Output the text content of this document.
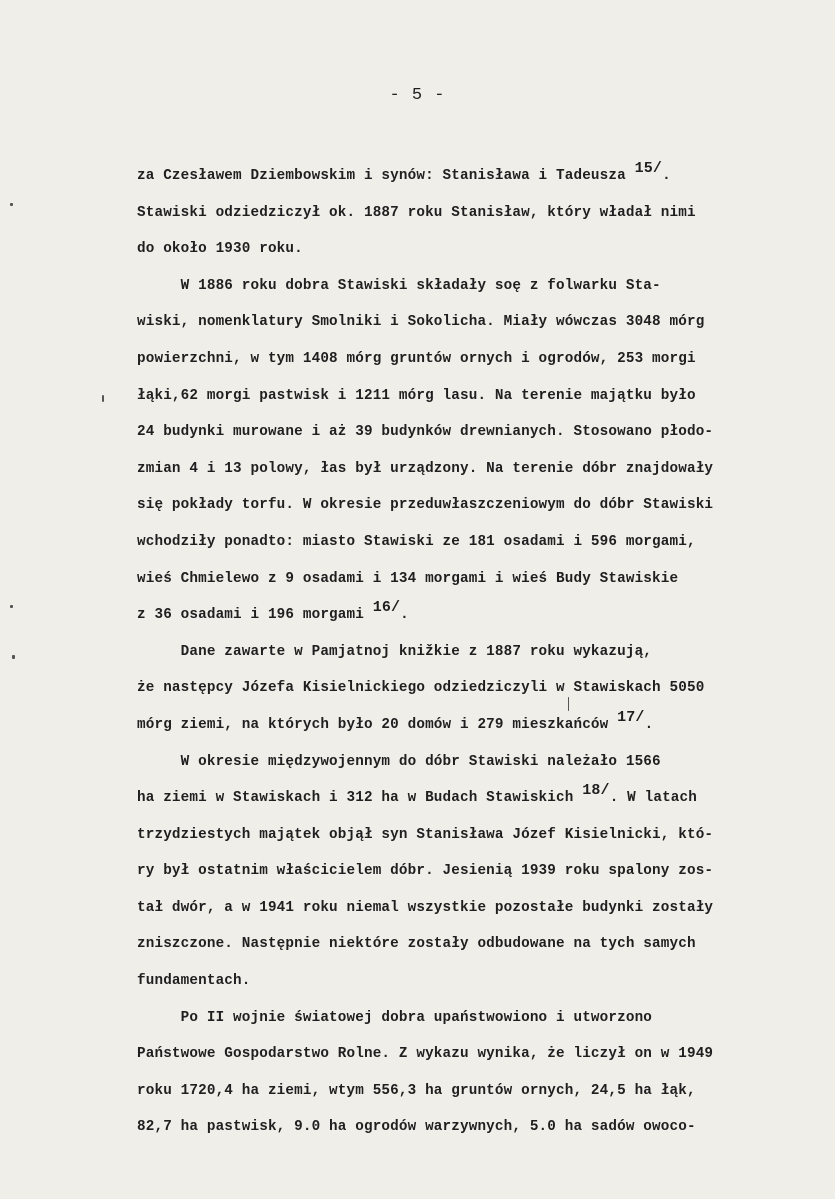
- 5 -
za Czesławem Dziembowskim i synów: Stanisława i Tadeusza $^{15/}$.
Stawiski odziedziczył ok. 1887 roku Stanisław, który władał nimi
do około 1930 roku.
W 1886 roku dobra Stawiski składały soę z folwarku Sta-
wiski, nomenklatury Smolniki i Sokolicha. Miały wówczas 3048 mórg
powierzchni, w tym 1408 mórg gruntów ornych i ogrodów, 253 morgi
łąki,62 morgi pastwisk i 1211 mórg lasu. Na terenie majątku było
24 budynki murowane i aż 39 budynków drewnianych. Stosowano płodo-
zmian 4 i 13 polowy, łas był urządzony. Na terenie dóbr znajdowały
się pokłady torfu. W okresie przeduwłaszczeniowym do dóbr Stawiski
wchodziły ponadto: miasto Stawiski ze 181 osadami i 596 morgami,
wieś Chmielewo z 9 osadami i 134 morgami i wieś Budy Stawiskie
z 36 osadami i 196 morgami $^{16/}$.
Dane zawarte w Pamjatnoj knižkie z 1887 roku wykazują,
że następcy Józefa Kisielnickiego odziedziczyli w Stawiskach 5050
mórg ziemi, na których było 20 domów i 279 mieszkańców $^{17/}$.
W okresie międzywojennym do dóbr Stawiski należało 1566
ha ziemi w Stawiskach i 312 ha w Budach Stawiskich $^{18/}$. W latach
trzydziestych majątek objął syn Stanisława Józef Kisielnicki, któ-
ry był ostatnim właścicielem dóbr. Jesienią 1939 roku spalony zos-
tał dwór, a w 1941 roku niemal wszystkie pozostałe budynki zostały
zniszczone. Następnie niektóre zostały odbudowane na tych samych
fundamentach.
Po II wojnie światowej dobra upaństwowiono i utworzono
Państwowe Gospodarstwo Rolne. Z wykazu wynika, że liczył on w 1949
roku 1720,4 ha ziemi, wtym 556,3 ha gruntów ornych, 24,5 ha łąk,
82,7 ha pastwisk, 9.0 ha ogrodów warzywnych, 5.0 ha sadów owoco-
